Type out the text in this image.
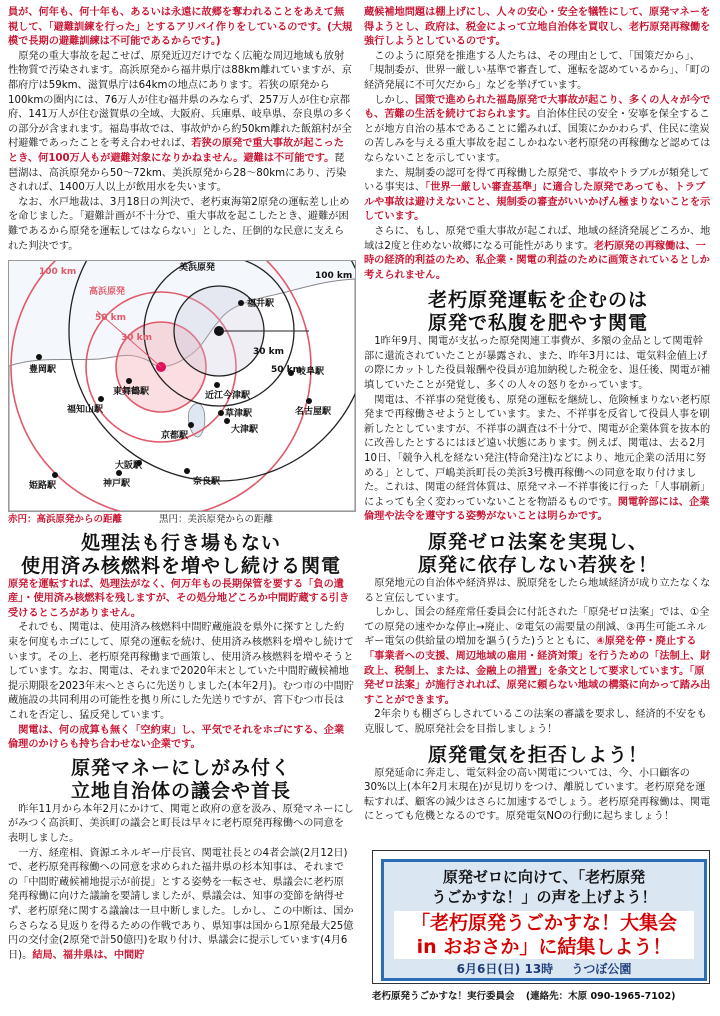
員が、何年も、何十年も、あるいは永遠に故郷を奪われることをあえて無視して、「避難訓練を行った」とするアリバイ作りをしているのです。(大規模で長期の避難訓練は不可能であるからです。)

原発の重大事故を起こせば、原発近辺だけでなく広範な周辺地域も放射性物質で汚染されます。高浜原発から福井県庁は88km離れていますが、京都府庁は59km、滋賀県庁は64kmの地点にあります。若狭の原発から100kmの圏内には、76万人が住む福井県のみならず、257万人が住む京都府、141万人が住む滋賀県の全域、大阪府、兵庫県、岐阜県、奈良県の多くの部分が含まれます。福島事故では、事故炉から約50km離れた飯舘村が全村避難であったことを考え合わせれば、若狭の原発で重大事故が起こったとき、何100万人もが避難対象になりかねません。避難は不可能です。琵琶湖は、高浜原発から50～72km、美浜原発から28～80kmにあり、汚染されれば、1400万人以上が飲用水を失います。

なお、水戸地裁は、3月18日の判決で、老朽東海第2原発の運転差し止めを命じました。「避難計画が不十分で、重大事故を起こしたとき、避難が困難であるから原発を運転してはならない」とした、圧倒的な民意に支えられた判決です。

美浜原発
高浜原発
100 km	100 km
50 km
30 km
30 km
50 km
福井駅
豊岡駅
東舞鶴駅
福知山駅
近江今津駅
岐阜駅
名古屋駅
草津駅
大津駅
京都駅
大阪駅
姫路駅	神戸駅	奈良駅
赤円：高浜原発からの距離	黒円：美浜原発からの距離
処理法も行き場もない
使用済み核燃料を増やし続ける関電

原発を運転すれば、処理法がなく、何万年もの長期保管を要する「負の遺産」・使用済み核燃料を残しますが、その処分地どころか中間貯蔵する引き受けるところがありません。

それでも、関電は、使用済み核燃料中間貯蔵施設を県外に探すとした約束を何度もホゴにして、原発の運転を続け、使用済み核燃料を増やし続けています。その上、老朽原発再稼働まで画策し、使用済み核燃料を増やそうとしています。なお、関電は、それまで2020年末としていた中間貯蔵候補地提示期限を2023年末へとさらに先送りしました(本年2月)。むつ市の中間貯蔵施設の共同利用の可能性を拠り所にした先送りですが、宮下むつ市長はこれを否定し、猛反発しています。

関電は、何の成算も無く「空約束」し、平気でそれをホゴにする、企業倫理のかけらも持ち合わせない企業です。

原発マネーにしがみ付く
立地自治体の議会や首長

昨年11月から本年2月にかけて、関電と政府の意を汲み、原発マネーにしがみつく高浜町、美浜町の議会と町長は早々に老朽原発再稼働への同意を表明しました。

一方、経産相、資源エネルギー庁長官、関電社長との4者会談(2月12日)で、老朽原発再稼働への同意を求められた福井県の杉本知事は、それまでの「中間貯蔵候補地提示が前提」とする姿勢を一転させ、県議会に老朽原発再稼働に向けた議論を要請しましたが、県議会は、知事の変節を納得せず、老朽原発に関する議論は一旦中断しました。しかし、この中断は、国からさらなる見返りを得るための作戦であり、県知事は国から1原発最大25億円の交付金(2原発で計50億円)を取り付け、県議会に提示しています(4月6日)。結局、福井県は、中間貯

蔵候補地問題は棚上げにし、人々の安心・安全を犠牲にして、原発マネーを得ようとし、政府は、税金によって立地自治体を買収し、老朽原発再稼働を強行しようとしているのです。

このように原発を推進する人たちは、その理由として、「国策だから」、「規制委が、世界一厳しい基準で審査して、運転を認めているから」、「町の経済発展に不可欠だから」などを挙げています。

しかし、国策で進められた福島原発で大事故が起こり、多くの人々が今でも、苦難の生活を続けておられます。自治体住民の安全・安寧を保全することが地方自治の基本であることに鑑みれば、国策にかかわらず、住民に塗炭の苦しみを与える重大事故を起こしかねない老朽原発の再稼働など認めてはならないことを示しています。

また、規制委の認可を得て再稼働した原発で、事故やトラブルが頻発している事実は、「世界一厳しい審査基準」に適合した原発であっても、トラブルや事故は避けえないこと、規制委の審査がいいかげん極まりないことを示しています。

さらに、もし、原発で重大事故が起これば、地域の経済発展どころか、地域は2度と住めない故郷になる可能性があります。老朽原発の再稼働は、一時の経済的利益のため、私企業・関電の利益のために画策されているとしか考えられません。

老朽原発運転を企むのは
原発で私腹を肥やす関電

1昨年9月、関電が支払った原発関連工事費が、多額の金品として関電幹部に還流されていたことが暴露され、また、昨年3月には、電気料金値上げの際にカットした役員報酬や役員が追加納税した税金を、退任後、関電が補填していたことが発覚し、多くの人々の怒りをかっています。

関電は、不祥事の発覚後も、原発の運転を継続し、危険極まりない老朽原発まで再稼働させようとしています。また、不祥事を反省して役員人事を刷新したとしていますが、不祥事の調査は不十分で、関電が企業体質を抜本的に改善したとするにはほど遠い状態にあります。例えば、関電は、去る2月10日、「競争入札を経ない発注(特命発注)などにより、地元企業の活用に努める」として、戸嶋美浜町長の美浜3号機再稼働への同意を取り付けました。これは、関電の経営体質は、原発マネー不祥事後に行った「人事刷新」によっても全く変わっていないことを物語るものです。関電幹部には、企業倫理や法令を遵守する姿勢がないことは明らかです。

原発ゼロ法案を実現し、
原発に依存しない若狭を！

原発地元の自治体や経済界は、脱原発をしたら地域経済が成り立たなくなると宣伝しています。

しかし、国会の経産常任委員会に付託された「原発ゼロ法案」では、①全ての原発の速やかな停止→廃止、②電気の需要量の削減、③再生可能エネルギー電気の供給量の増加を謳う(うた)うとともに、④原発を停・廃止する「事業者への支援、周辺地域の雇用・経済対策」を行うための「法制上、財政上、税制上、または、金融上の措置」を条文として要求しています。「原発ゼロ法案」が施行されれば、原発に頼らない地域の構築に向かって踏み出すことができます。

2年余りも棚ざらしされているこの法案の審議を要求し、経済的不安をも克服して、脱原発社会を目指しましょう！

原発電気を拒否しよう！

原発延命に奔走し、電気料金の高い関電については、今、小口顧客の30%以上(本年2月末現在)が見切りをつけ、離脱しています。老朽原発を運転すれば、顧客の減少はさらに加速するでしょう。老朽原発再稼働は、関電にとっても危機となるのです。原発電気NOの行動に起ちましょう！

原発ゼロに向けて、「老朽原発
うごかすな！」の声を上げよう！
「老朽原発うごかすな！大集会
in おおさか」に結集しよう！
6月6日(日) 13時 うつぼ公園
老朽原発うごかすな！実行委員会 (連絡先：木原 090-1965-7102)
